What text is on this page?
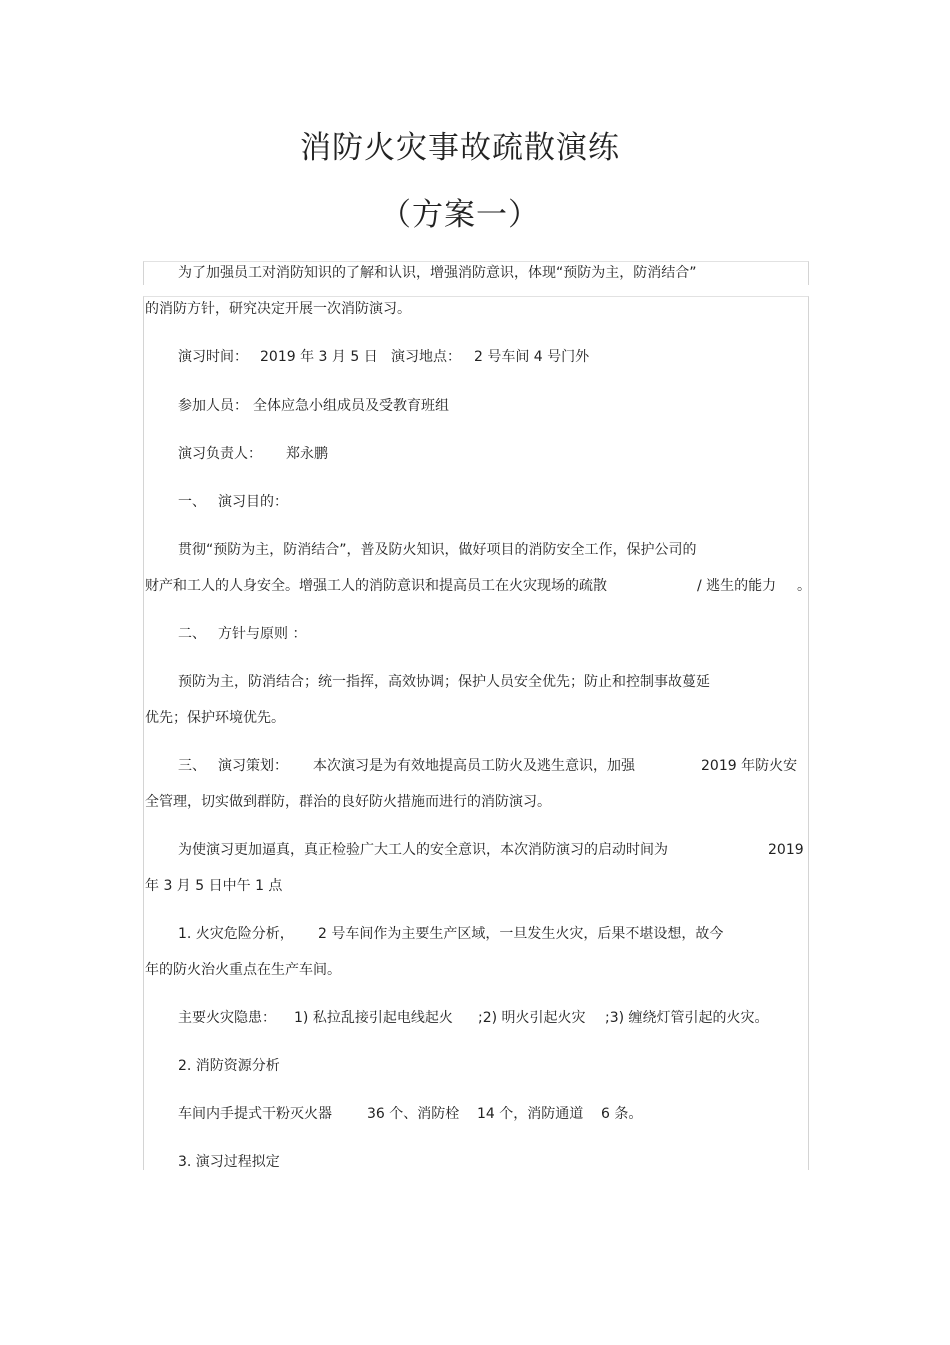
消防火灾事故疏散演练
（方案一）
为了加强员工对消防知识的了解和认识，增强消防意识，体现“预防为主，防消结合”
的消防方针，研究决定开展一次消防演习。
演习时间： 2019 年 3 月 5 日 演习地点： 2 号车间 4 号门外
参加人员： 全体应急小组成员及受教育班组
演习负责人： 郑永鹏
一、 演习目的：
贯彻“预防为主，防消结合”，普及防火知识，做好项目的消防安全工作，保护公司的
财产和工人的人身安全。增强工人的消防意识和提高员工在火灾现场的疏散	/ 逃生的能力 。
二、 方针与原则 ：
预防为主，防消结合；统一指挥，高效协调；保护人员安全优先；防止和控制事故蔓延
优先；保护环境优先。
三、 演习策划： 本次演习是为有效地提高员工防火及逃生意识，加强	2019 年防火安
全管理，切实做到群防，群治的良好防火措施而进行的消防演习。
为使演习更加逼真，真正检验广大工人的安全意识，本次消防演习的启动时间为	2019
年 3 月 5 日中午 1 点
1. 火灾危险分析， 2 号车间作为主要生产区域，一旦发生火灾，后果不堪设想，故今
年的防火治火重点在生产车间。
主要火灾隐患： 1) 私拉乱接引起电线起火 ;2) 明火引起火灾 ;3) 缠绕灯管引起的火灾。
2. 消防资源分析
车间内手提式干粉灭火器	36 个、消防栓 14 个，消防通道 6 条。
3. 演习过程拟定
